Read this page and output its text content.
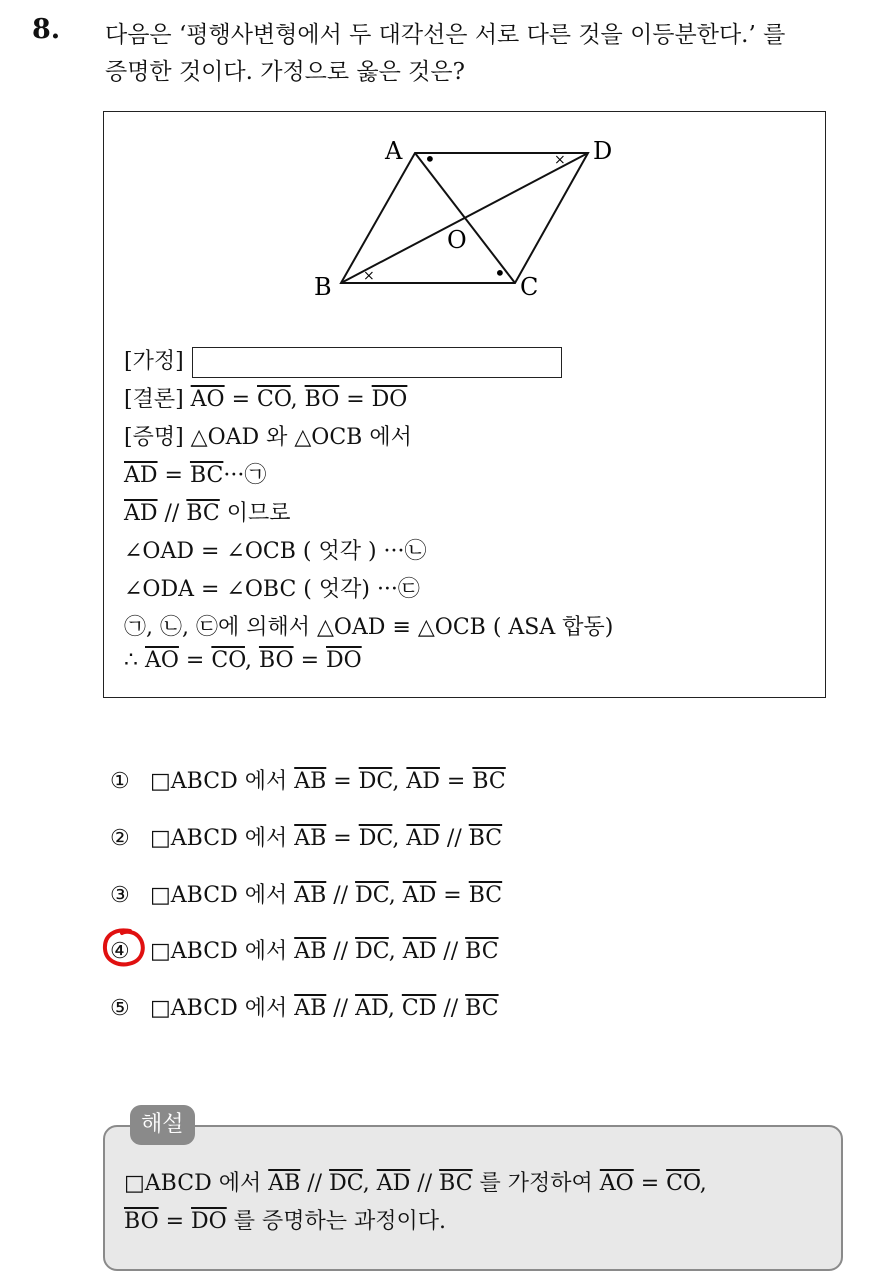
8. 다음은 ‘평행사변형에서 두 대각선은 서로 다른 것을 이등분한다.’ 를
증명한 것이다. 가정으로 옳은 것은?
A	D
B	C
O
•
•
×
×
[가정]
[결론] $\overline{AO} = \overline{CO}$, $\overline{BO} = \overline{DO}$
[증명] △OAD 와 △OCB 에서
$\overline{AD}$ = $\overline{BC}\cdot\cdot\cdot㉠$
$\overline{AD} // \overline{BC}$ 이므로
∠OAD = ∠OCB ( 엇각 ) ···㉡
∠ODA = ∠OBC ( 엇각) ···㉢
㉠, ㉡, ㉢에 의해서 △OAD ≡ △OCB ( ASA 합동)
∴ $\overline{AO} = \overline{CO}$, $\overline{BO} = \overline{DO}$
① □ABCD 에서 $\overline{AB} = \overline{DC}$, $\overline{AD} = \overline{BC}$
② □ABCD 에서 $\overline{AB} = \overline{DC}$, $\overline{AD} // \overline{BC}$
③ □ABCD 에서 $\overline{AB} // \overline{DC}$, $\overline{AD} = \overline{BC}$
④ □ABCD 에서 $\overline{AB} // \overline{DC}$, $\overline{AD} // \overline{BC}$
⑤ □ABCD 에서 $\overline{AB} // \overline{AD}$, $\overline{CD} // \overline{BC}$
해설
□ABCD 에서 $\overline{AB} // \overline{DC}$, $\overline{AD} // \overline{BC}$ 를 가정하여 $\overline{AO} = \overline{CO}$,
$\overline{BO} = \overline{DO}$ 를 증명하는 과정이다.
